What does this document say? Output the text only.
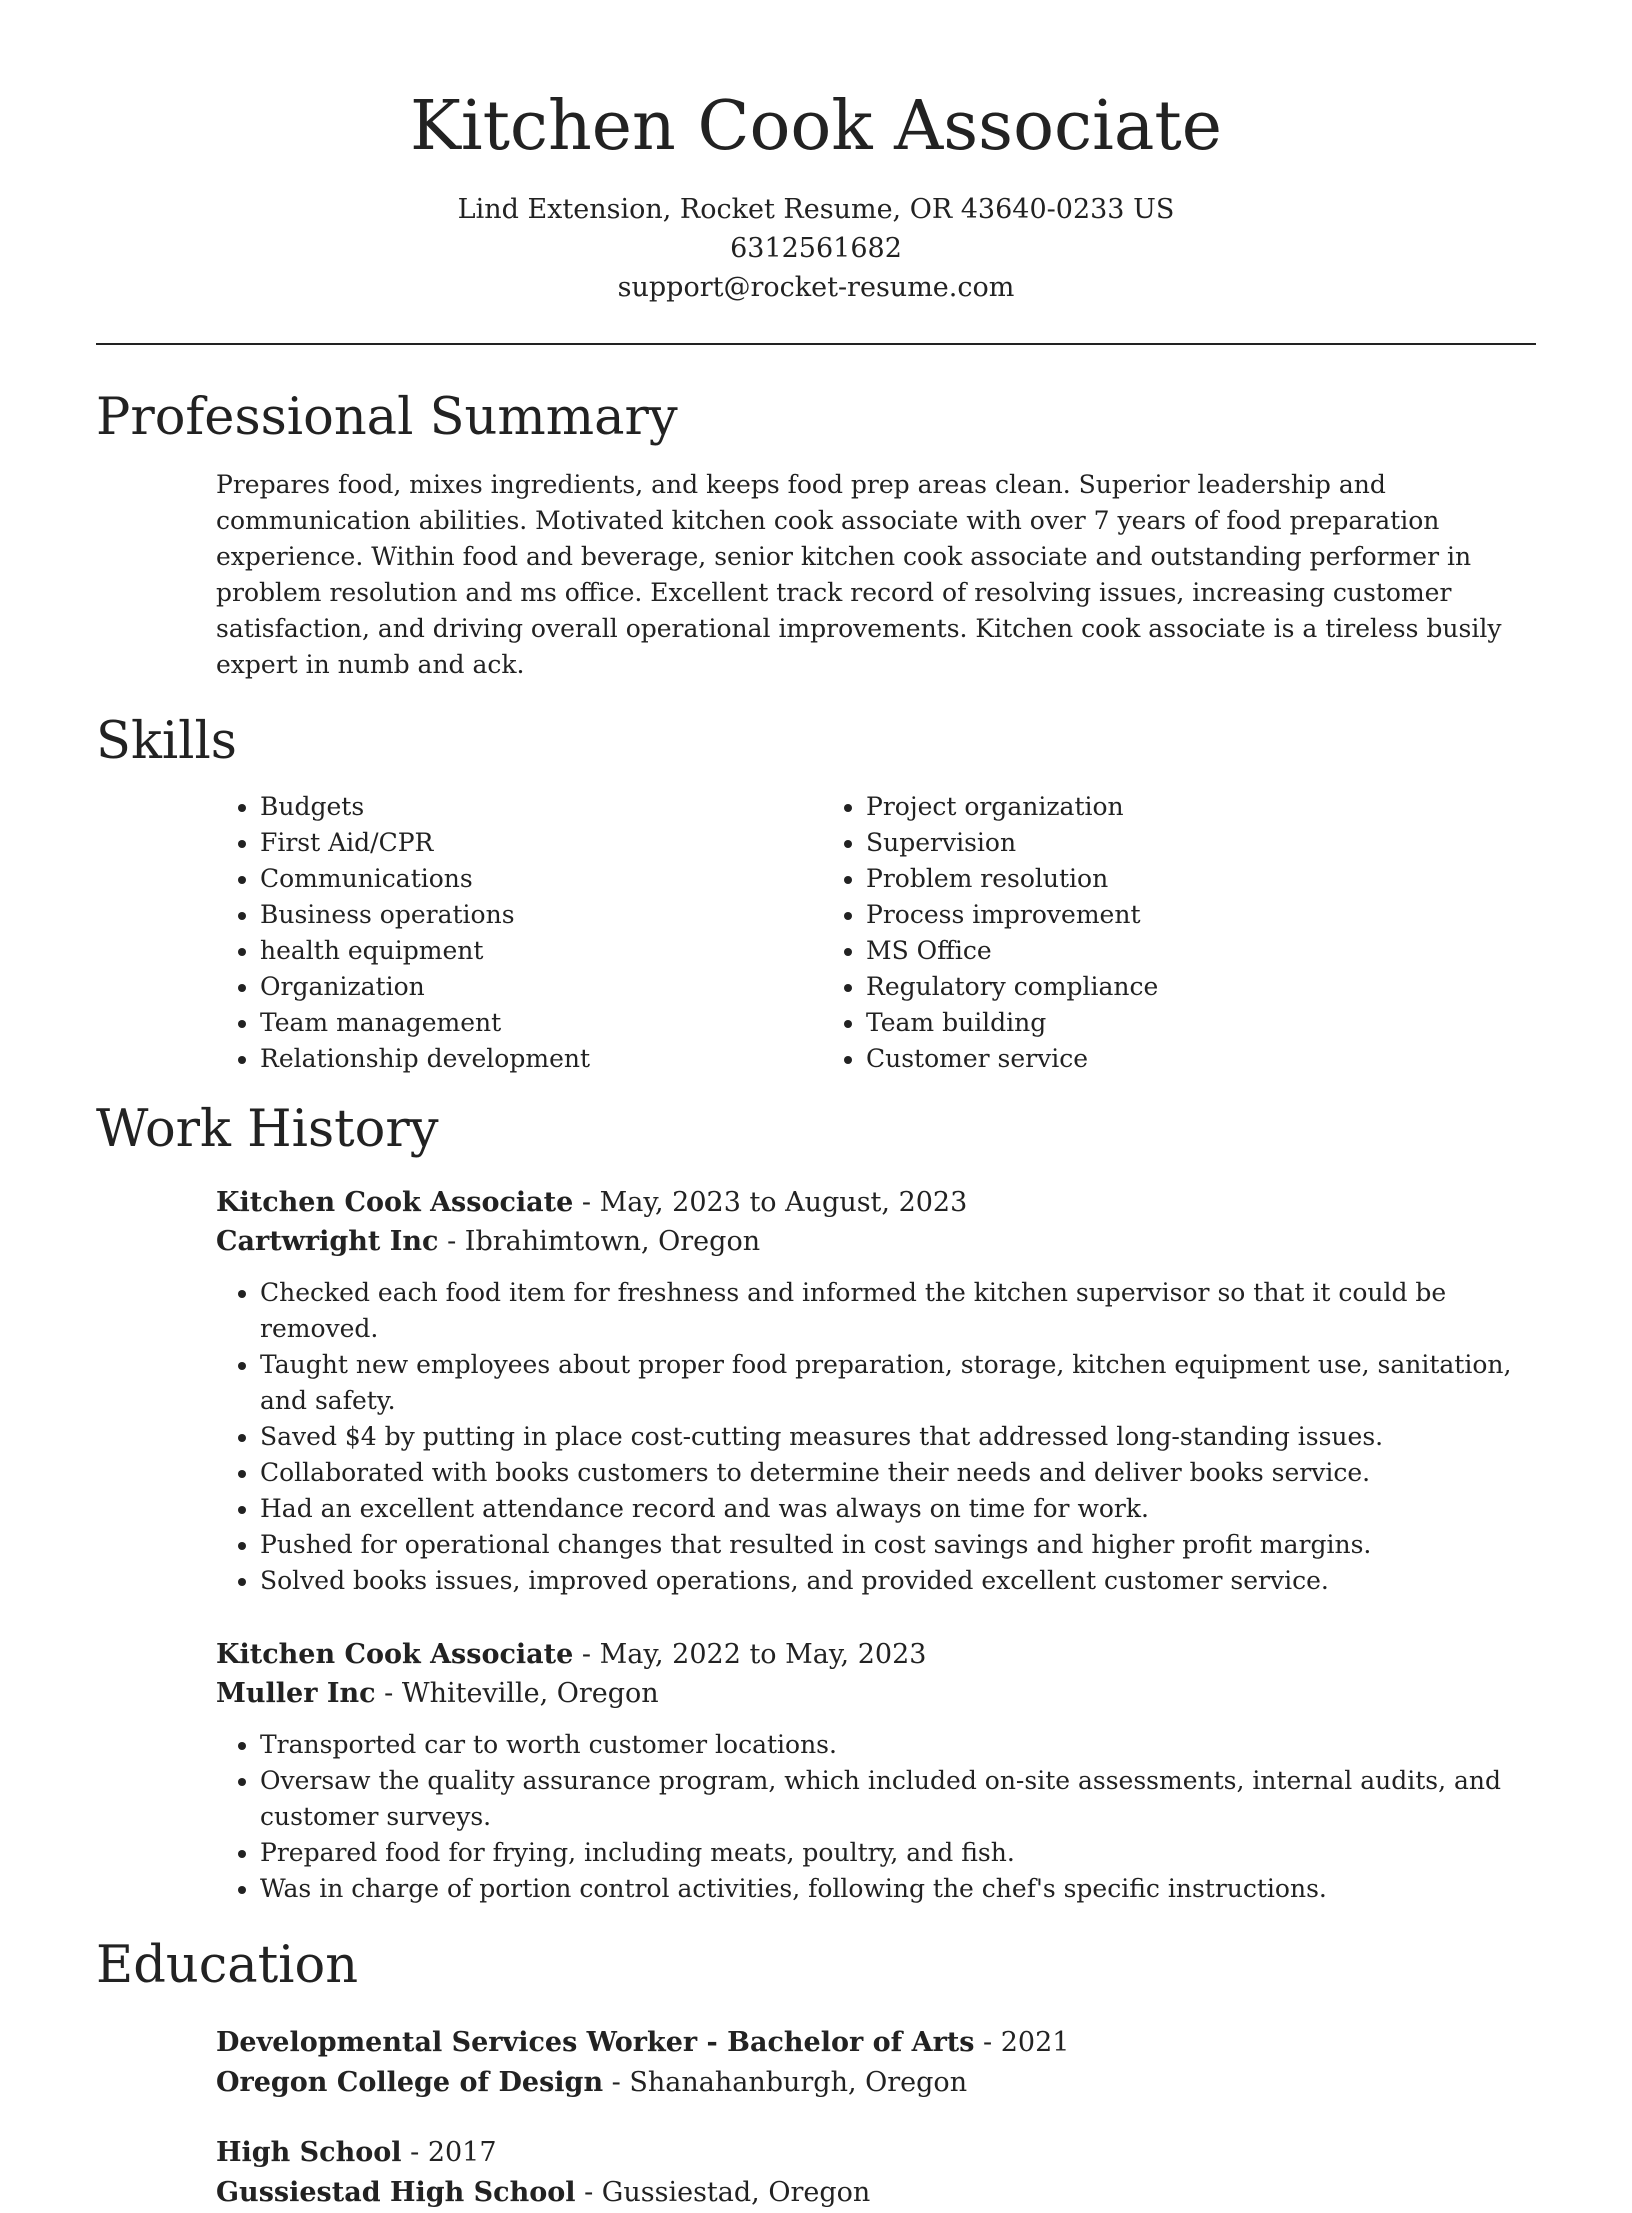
Kitchen Cook Associate
Lind Extension, Rocket Resume, OR 43640-0233 US
6312561682
support@rocket-resume.com
Professional Summary

Prepares food, mixes ingredients, and keeps food prep areas clean. Superior leadership and communication abilities. Motivated kitchen cook associate with over 7 years of food preparation experience. Within food and beverage, senior kitchen cook associate and outstanding performer in problem resolution and ms office. Excellent track record of resolving issues, increasing customer satisfaction, and driving overall operational improvements. Kitchen cook associate is a tireless busily expert in numb and ack.

Skills
• Budgets
• First Aid/CPR
• Communications
• Business operations
• health equipment
• Organization
• Team management
• Relationship development
• Project organization
• Supervision
• Problem resolution
• Process improvement
• MS Office
• Regulatory compliance
• Team building
• Customer service
Work History
Kitchen Cook Associate - May, 2023 to August, 2023
Cartwright Inc - Ibrahimtown, Oregon
• Checked each food item for freshness and informed the kitchen supervisor so that it could be removed.
• Taught new employees about proper food preparation, storage, kitchen equipment use, sanitation, and safety.
• Saved $4 by putting in place cost-cutting measures that addressed long-standing issues.
• Collaborated with books customers to determine their needs and deliver books service.
• Had an excellent attendance record and was always on time for work.
• Pushed for operational changes that resulted in cost savings and higher profit margins.
• Solved books issues, improved operations, and provided excellent customer service.
Kitchen Cook Associate - May, 2022 to May, 2023
Muller Inc - Whiteville, Oregon
• Transported car to worth customer locations.
• Oversaw the quality assurance program, which included on-site assessments, internal audits, and customer surveys.
• Prepared food for frying, including meats, poultry, and fish.
• Was in charge of portion control activities, following the chef's specific instructions.
Education
Developmental Services Worker - Bachelor of Arts - 2021
Oregon College of Design - Shanahanburgh, Oregon
High School - 2017
Gussiestad High School - Gussiestad, Oregon
